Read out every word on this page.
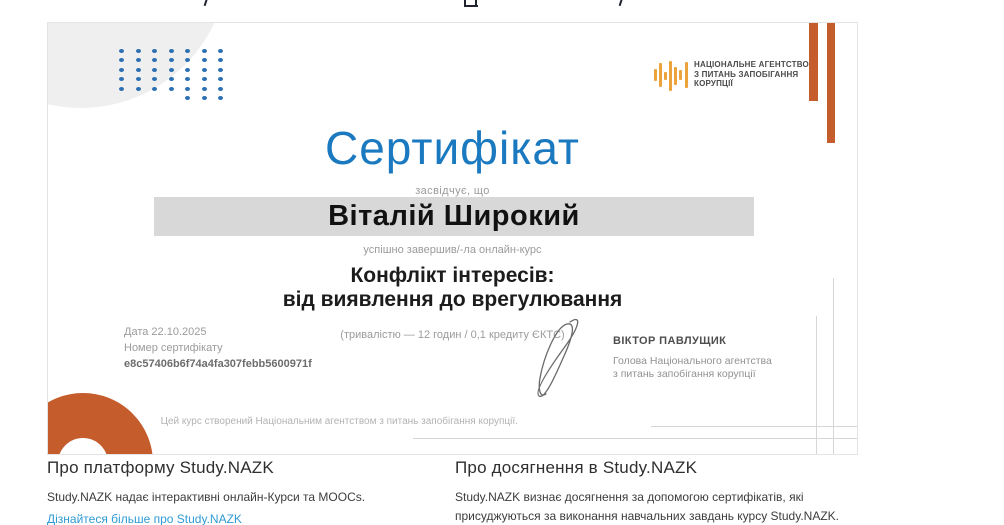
НАЦІОНАЛЬНЕ АГЕНТСТВО
З ПИТАНЬ ЗАПОБІГАННЯ
КОРУПЦІЇ
Сертифікат
засвідчує, що
Віталій Широкий
успішно завершив/-ла онлайн-курс
Конфлікт інтересів:
від виявлення до врегулювання
(тривалістю — 12 годин / 0,1 кредиту ЄКТС)
Дата 22.10.2025
Номер сертифікату
e8c57406b6f74a4fa307febb5600971f
ВІКТОР ПАВЛУЩИК
Голова Національного агентства
з питань запобігання корупції
Цей курс створений Національним агентством з питань запобігання корупції.
Про платформу Study.NAZK

Study.NAZK надає інтерактивні онлайн-Курси та MOOCs.

Дізнайтеся більше про Study.NAZK
Про досягнення в Study.NAZK

Study.NAZK визнає досягнення за допомогою сертифікатів, які присуджуються за виконання навчальних завдань курсу Study.NAZK.
